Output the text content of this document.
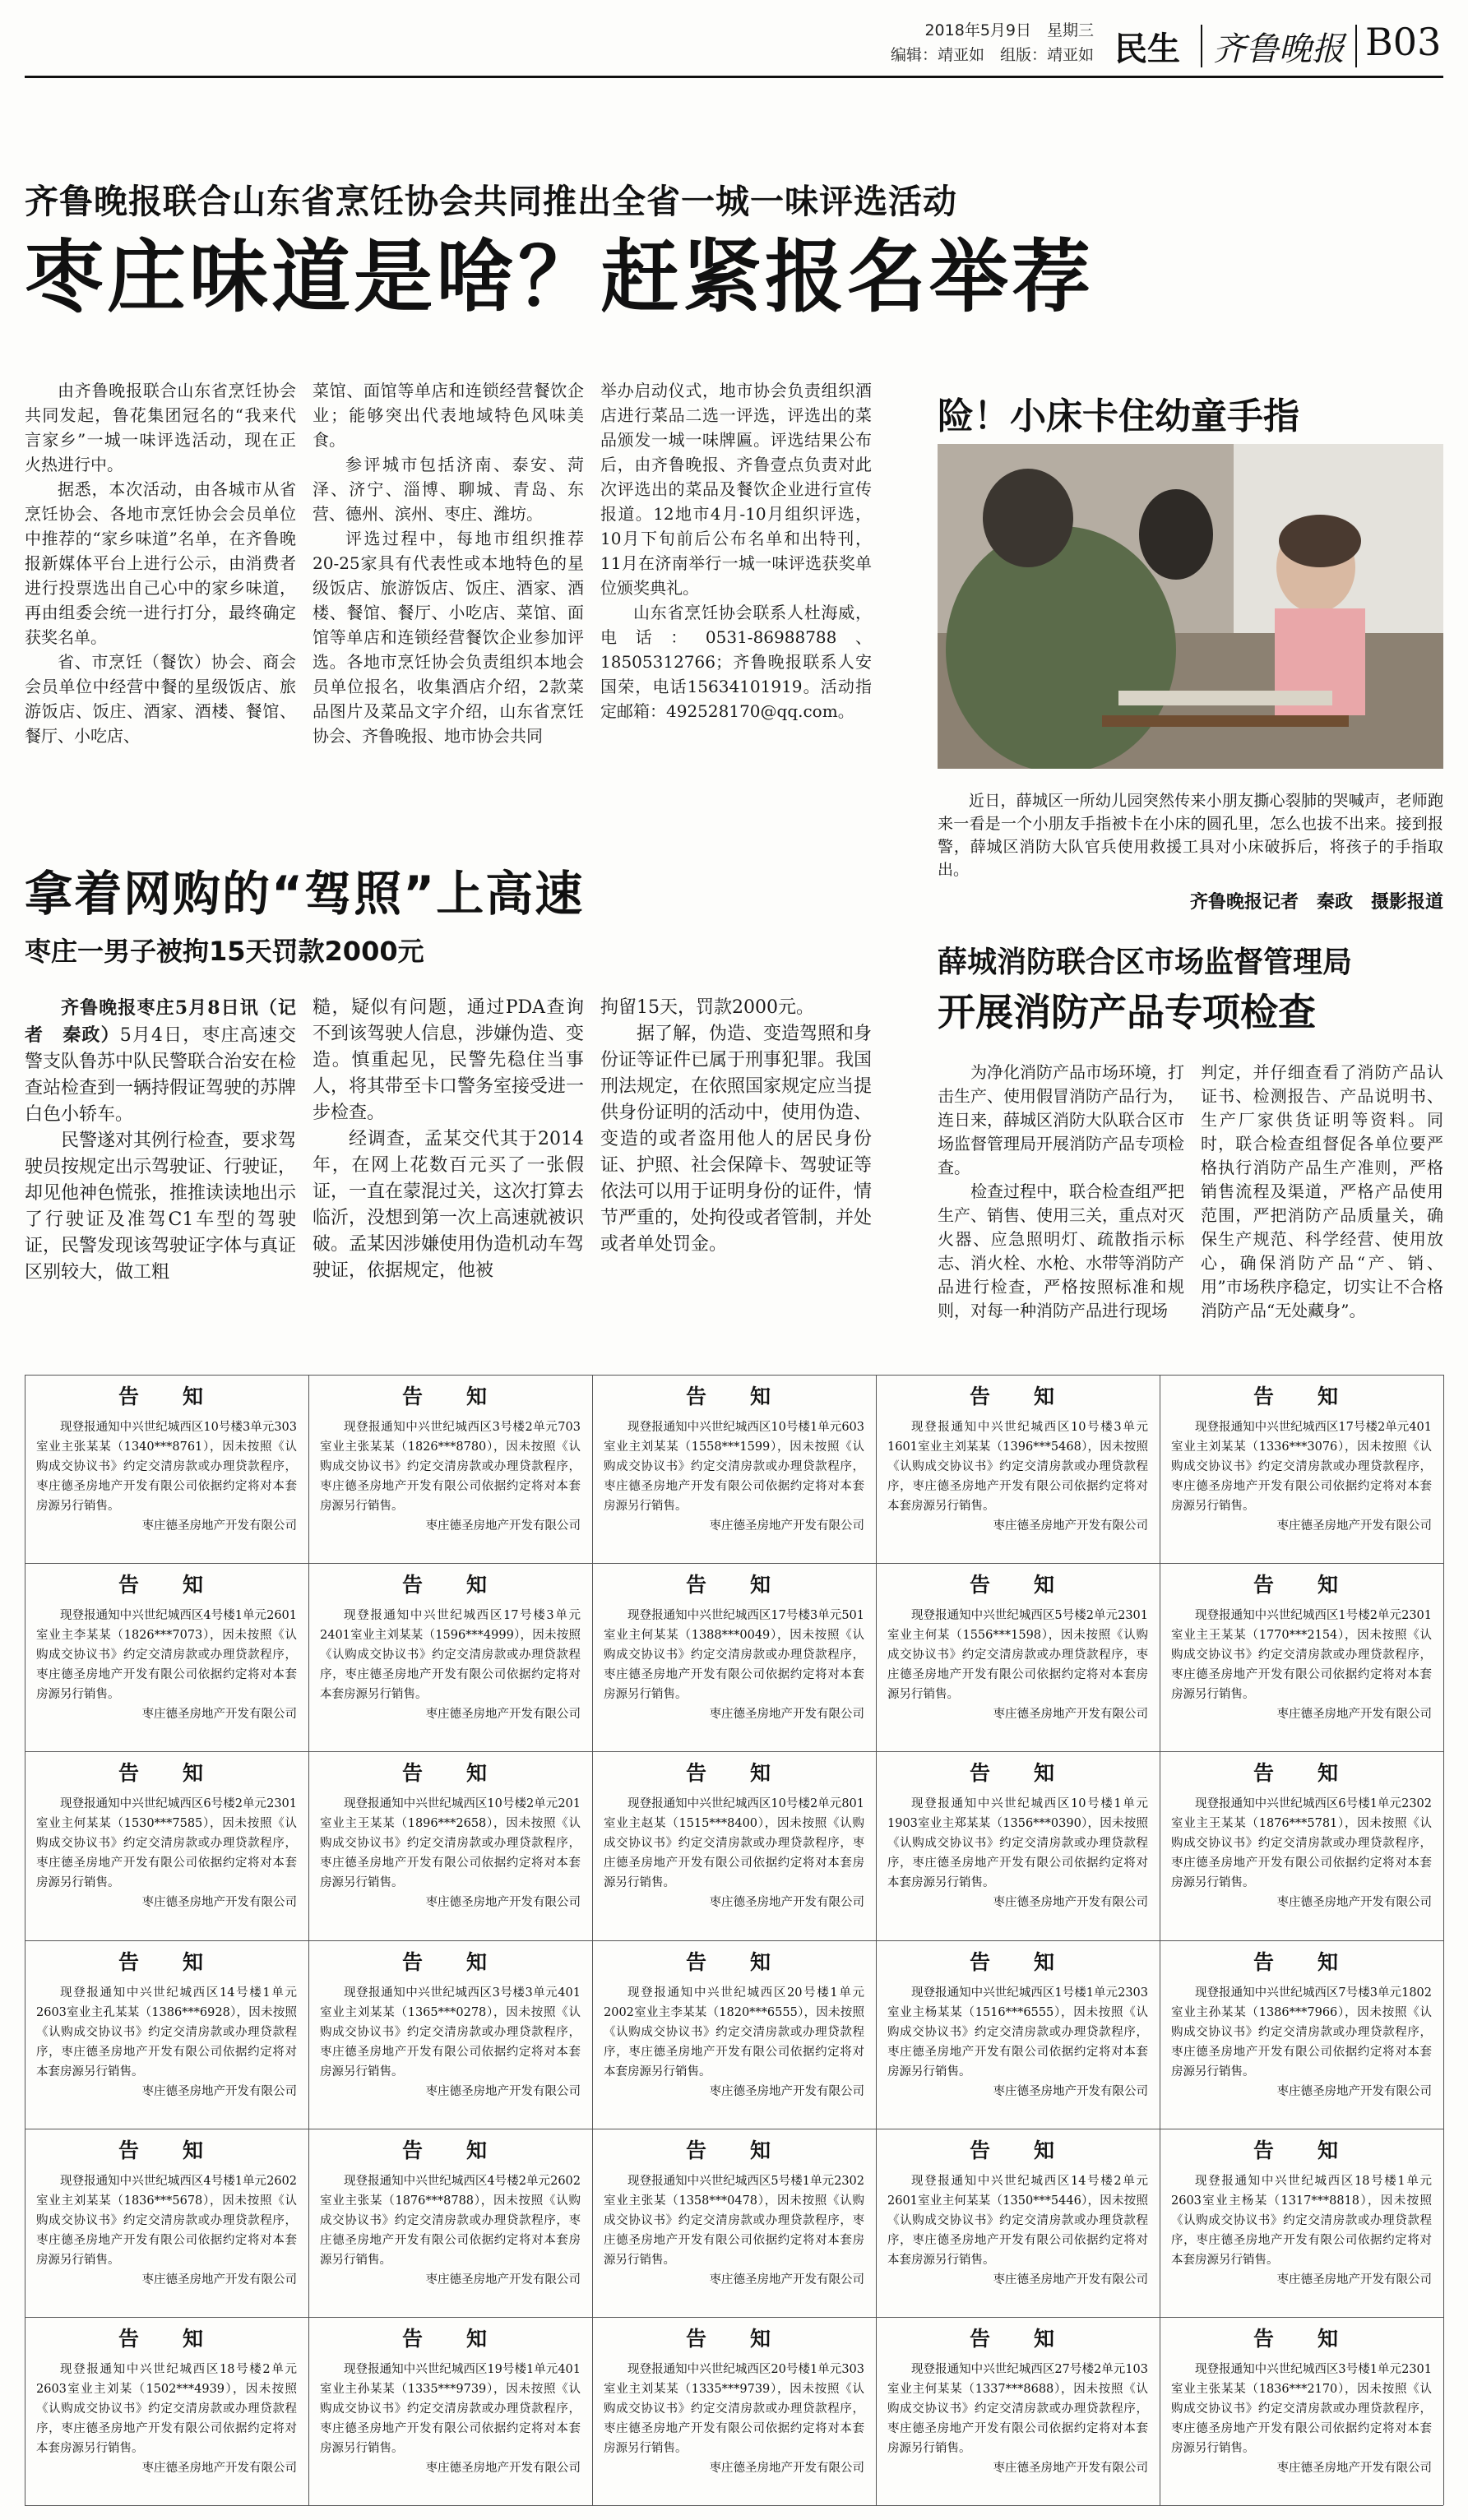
2018年5月9日　星期三
编辑：靖亚如　组版：靖亚如 民生 齐鲁晚报 B03
齐鲁晚报联合山东省烹饪协会共同推出全省一城一味评选活动
枣庄味道是啥？赶紧报名举荐

由齐鲁晚报联合山东省烹饪协会共同发起，鲁花集团冠名的“我来代言家乡”一城一味评选活动，现在正火热进行中。

据悉，本次活动，由各城市从省烹饪协会、各地市烹饪协会会员单位中推荐的“家乡味道”名单，在齐鲁晚报新媒体平台上进行公示，由消费者进行投票选出自己心中的家乡味道，再由组委会统一进行打分，最终确定获奖名单。

省、市烹饪（餐饮）协会、商会会员单位中经营中餐的星级饭店、旅游饭店、饭庄、酒家、酒楼、餐馆、餐厅、小吃店、

菜馆、面馆等单店和连锁经营餐饮企业；能够突出代表地域特色风味美食。

参评城市包括济南、泰安、菏泽、济宁、淄博、聊城、青岛、东营、德州、滨州、枣庄、潍坊。

评选过程中，每地市组织推荐20-25家具有代表性或本地特色的星级饭店、旅游饭店、饭庄、酒家、酒楼、餐馆、餐厅、小吃店、菜馆、面馆等单店和连锁经营餐饮企业参加评选。各地市烹饪协会负责组织本地会员单位报名，收集酒店介绍，2款菜品图片及菜品文字介绍，山东省烹饪协会、齐鲁晚报、地市协会共同

举办启动仪式，地市协会负责组织酒店进行菜品二选一评选，评选出的菜品颁发一城一味牌匾。评选结果公布后，由齐鲁晚报、齐鲁壹点负责对此次评选出的菜品及餐饮企业进行宣传报道。12地市4月-10月组织评选，10月下旬前后公布名单和出特刊，11月在济南举行一城一味评选获奖单位颁奖典礼。

山东省烹饪协会联系人杜海威，电话：0531-86988788、18505312766；齐鲁晚报联系人安国荣，电话15634101919。活动指定邮箱：492528170@qq.com。

险！小床卡住幼童手指
近日，薛城区一所幼儿园突然传来小朋友撕心裂肺的哭喊声，老师跑来一看是一个小朋友手指被卡在小床的圆孔里，怎么也拔不出来。接到报警，薛城区消防大队官兵使用救援工具对小床破拆后，将孩子的手指取出。
齐鲁晚报记者　秦政　摄影报道
拿着网购的“驾照”上高速
枣庄一男子被拘15天罚款2000元

齐鲁晚报枣庄5月8日讯（记者　秦政）5月4日，枣庄高速交警支队鲁苏中队民警联合治安在检查站检查到一辆持假证驾驶的苏牌白色小轿车。

民警遂对其例行检查，要求驾驶员按规定出示驾驶证、行驶证，却见他神色慌张，推推读读地出示了行驶证及准驾C1车型的驾驶证，民警发现该驾驶证字体与真证区别较大，做工粗

糙，疑似有问题，通过PDA查询不到该驾驶人信息，涉嫌伪造、变造。慎重起见，民警先稳住当事人，将其带至卡口警务室接受进一步检查。

经调查，孟某交代其于2014年，在网上花数百元买了一张假证，一直在蒙混过关，这次打算去临沂，没想到第一次上高速就被识破。孟某因涉嫌使用伪造机动车驾驶证，依据规定，他被

拘留15天，罚款2000元。

据了解，伪造、变造驾照和身份证等证件已属于刑事犯罪。我国刑法规定，在依照国家规定应当提供身份证明的活动中，使用伪造、变造的或者盗用他人的居民身份证、护照、社会保障卡、驾驶证等依法可以用于证明身份的证件，情节严重的，处拘役或者管制，并处或者单处罚金。

薛城消防联合区市场监督管理局
开展消防产品专项检查

为净化消防产品市场环境，打击生产、使用假冒消防产品行为，连日来，薛城区消防大队联合区市场监督管理局开展消防产品专项检查。

检查过程中，联合检查组严把生产、销售、使用三关，重点对灭火器、应急照明灯、疏散指示标志、消火栓、水枪、水带等消防产品进行检查，严格按照标准和规则，对每一种消防产品进行现场

判定，并仔细查看了消防产品认证书、检测报告、产品说明书、生产厂家供货证明等资料。同时，联合检查组督促各单位要严格执行消防产品生产准则，严格销售流程及渠道，严格产品使用范围，严把消防产品质量关，确保生产规范、科学经营、使用放心，确保消防产品“产、销、用”市场秩序稳定，切实让不合格消防产品“无处藏身”。

告　知
现登报通知中兴世纪城西区10号楼3单元303室业主张某某（1340***8761），因未按照《认购成交协议书》约定交清房款或办理贷款程序，枣庄德圣房地产开发有限公司依据约定将对本套房源另行销售。
枣庄德圣房地产开发有限公司
告　知
现登报通知中兴世纪城西区3号楼2单元703室业主张某某（1826***8780），因未按照《认购成交协议书》约定交清房款或办理贷款程序，枣庄德圣房地产开发有限公司依据约定将对本套房源另行销售。
枣庄德圣房地产开发有限公司
告　知
现登报通知中兴世纪城西区10号楼1单元603室业主刘某某（1558***1599），因未按照《认购成交协议书》约定交清房款或办理贷款程序，枣庄德圣房地产开发有限公司依据约定将对本套房源另行销售。
枣庄德圣房地产开发有限公司
告　知
现登报通知中兴世纪城西区10号楼3单元1601室业主刘某某（1396***5468），因未按照《认购成交协议书》约定交清房款或办理贷款程序，枣庄德圣房地产开发有限公司依据约定将对本套房源另行销售。
枣庄德圣房地产开发有限公司
告　知
现登报通知中兴世纪城西区17号楼2单元401室业主刘某某（1336***3076），因未按照《认购成交协议书》约定交清房款或办理贷款程序，枣庄德圣房地产开发有限公司依据约定将对本套房源另行销售。
枣庄德圣房地产开发有限公司
告　知
现登报通知中兴世纪城西区4号楼1单元2601室业主李某某（1826***7073），因未按照《认购成交协议书》约定交清房款或办理贷款程序，枣庄德圣房地产开发有限公司依据约定将对本套房源另行销售。
枣庄德圣房地产开发有限公司
告　知
现登报通知中兴世纪城西区17号楼3单元2401室业主刘某某（1596***4999），因未按照《认购成交协议书》约定交清房款或办理贷款程序，枣庄德圣房地产开发有限公司依据约定将对本套房源另行销售。
枣庄德圣房地产开发有限公司
告　知
现登报通知中兴世纪城西区17号楼3单元501室业主何某某（1388***0049），因未按照《认购成交协议书》约定交清房款或办理贷款程序，枣庄德圣房地产开发有限公司依据约定将对本套房源另行销售。
枣庄德圣房地产开发有限公司
告　知
现登报通知中兴世纪城西区5号楼2单元2301室业主何某（1556***1598），因未按照《认购成交协议书》约定交清房款或办理贷款程序，枣庄德圣房地产开发有限公司依据约定将对本套房源另行销售。
枣庄德圣房地产开发有限公司
告　知
现登报通知中兴世纪城西区1号楼2单元2301室业主王某某（1770***2154），因未按照《认购成交协议书》约定交清房款或办理贷款程序，枣庄德圣房地产开发有限公司依据约定将对本套房源另行销售。
枣庄德圣房地产开发有限公司
告　知
现登报通知中兴世纪城西区6号楼2单元2301室业主何某某（1530***7585），因未按照《认购成交协议书》约定交清房款或办理贷款程序，枣庄德圣房地产开发有限公司依据约定将对本套房源另行销售。
枣庄德圣房地产开发有限公司
告　知
现登报通知中兴世纪城西区10号楼2单元201室业主王某某（1896***2658），因未按照《认购成交协议书》约定交清房款或办理贷款程序，枣庄德圣房地产开发有限公司依据约定将对本套房源另行销售。
枣庄德圣房地产开发有限公司
告　知
现登报通知中兴世纪城西区10号楼2单元801室业主赵某（1515***8400），因未按照《认购成交协议书》约定交清房款或办理贷款程序，枣庄德圣房地产开发有限公司依据约定将对本套房源另行销售。
枣庄德圣房地产开发有限公司
告　知
现登报通知中兴世纪城西区10号楼1单元1903室业主郑某某（1356***0390），因未按照《认购成交协议书》约定交清房款或办理贷款程序，枣庄德圣房地产开发有限公司依据约定将对本套房源另行销售。
枣庄德圣房地产开发有限公司
告　知
现登报通知中兴世纪城西区6号楼1单元2302室业主王某某（1876***5781），因未按照《认购成交协议书》约定交清房款或办理贷款程序，枣庄德圣房地产开发有限公司依据约定将对本套房源另行销售。
枣庄德圣房地产开发有限公司
告　知
现登报通知中兴世纪城西区14号楼1单元2603室业主孔某某（1386***6928），因未按照《认购成交协议书》约定交清房款或办理贷款程序，枣庄德圣房地产开发有限公司依据约定将对本套房源另行销售。
枣庄德圣房地产开发有限公司
告　知
现登报通知中兴世纪城西区3号楼3单元401室业主刘某某（1365***0278），因未按照《认购成交协议书》约定交清房款或办理贷款程序，枣庄德圣房地产开发有限公司依据约定将对本套房源另行销售。
枣庄德圣房地产开发有限公司
告　知
现登报通知中兴世纪城西区20号楼1单元2002室业主李某某（1820***6555），因未按照《认购成交协议书》约定交清房款或办理贷款程序，枣庄德圣房地产开发有限公司依据约定将对本套房源另行销售。
枣庄德圣房地产开发有限公司
告　知
现登报通知中兴世纪城西区1号楼1单元2303室业主杨某某（1516***6555），因未按照《认购成交协议书》约定交清房款或办理贷款程序，枣庄德圣房地产开发有限公司依据约定将对本套房源另行销售。
枣庄德圣房地产开发有限公司
告　知
现登报通知中兴世纪城西区7号楼3单元1802室业主孙某某（1386***7966），因未按照《认购成交协议书》约定交清房款或办理贷款程序，枣庄德圣房地产开发有限公司依据约定将对本套房源另行销售。
枣庄德圣房地产开发有限公司
告　知
现登报通知中兴世纪城西区4号楼1单元2602室业主刘某某（1836***5678），因未按照《认购成交协议书》约定交清房款或办理贷款程序，枣庄德圣房地产开发有限公司依据约定将对本套房源另行销售。
枣庄德圣房地产开发有限公司
告　知
现登报通知中兴世纪城西区4号楼2单元2602室业主张某（1876***8788），因未按照《认购成交协议书》约定交清房款或办理贷款程序，枣庄德圣房地产开发有限公司依据约定将对本套房源另行销售。
枣庄德圣房地产开发有限公司
告　知
现登报通知中兴世纪城西区5号楼1单元2302室业主张某（1358***0478），因未按照《认购成交协议书》约定交清房款或办理贷款程序，枣庄德圣房地产开发有限公司依据约定将对本套房源另行销售。
枣庄德圣房地产开发有限公司
告　知
现登报通知中兴世纪城西区14号楼2单元2601室业主何某某（1350***5446），因未按照《认购成交协议书》约定交清房款或办理贷款程序，枣庄德圣房地产开发有限公司依据约定将对本套房源另行销售。
枣庄德圣房地产开发有限公司
告　知
现登报通知中兴世纪城西区18号楼1单元2603室业主杨某（1317***8818），因未按照《认购成交协议书》约定交清房款或办理贷款程序，枣庄德圣房地产开发有限公司依据约定将对本套房源另行销售。
枣庄德圣房地产开发有限公司
告　知
现登报通知中兴世纪城西区18号楼2单元2603室业主刘某（1502***4939），因未按照《认购成交协议书》约定交清房款或办理贷款程序，枣庄德圣房地产开发有限公司依据约定将对本套房源另行销售。
枣庄德圣房地产开发有限公司
告　知
现登报通知中兴世纪城西区19号楼1单元401室业主孙某某（1335***9739），因未按照《认购成交协议书》约定交清房款或办理贷款程序，枣庄德圣房地产开发有限公司依据约定将对本套房源另行销售。
枣庄德圣房地产开发有限公司
告　知
现登报通知中兴世纪城西区20号楼1单元303室业主刘某某（1335***9739），因未按照《认购成交协议书》约定交清房款或办理贷款程序，枣庄德圣房地产开发有限公司依据约定将对本套房源另行销售。
枣庄德圣房地产开发有限公司
告　知
现登报通知中兴世纪城西区27号楼2单元103室业主何某某（1337***8688），因未按照《认购成交协议书》约定交清房款或办理贷款程序，枣庄德圣房地产开发有限公司依据约定将对本套房源另行销售。
枣庄德圣房地产开发有限公司
告　知
现登报通知中兴世纪城西区3号楼1单元2301室业主张某某（1836***2170），因未按照《认购成交协议书》约定交清房款或办理贷款程序，枣庄德圣房地产开发有限公司依据约定将对本套房源另行销售。
枣庄德圣房地产开发有限公司
